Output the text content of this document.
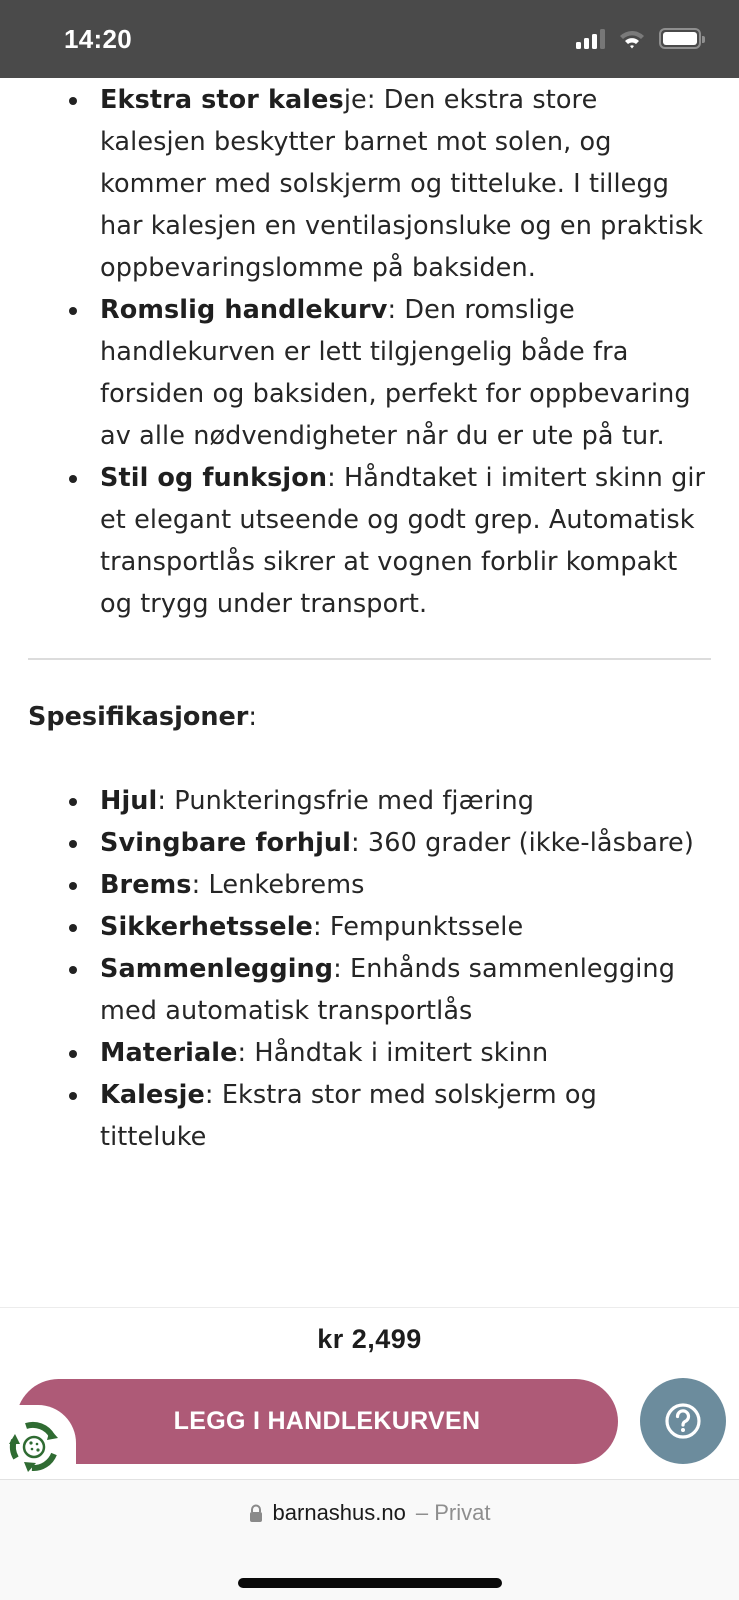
14:20
Ekstra stor kalesje: Den ekstra store kalesjen beskytter barnet mot solen, og kommer med solskjerm og titteluke. I tillegg har kalesjen en ventilasjonsluke og en praktisk oppbevaringslomme på baksiden.
Romslig handlekurv: Den romslige handlekurven er lett tilgjengelig både fra forsiden og baksiden, perfekt for oppbevaring av alle nødvendigheter når du er ute på tur.
Stil og funksjon: Håndtaket i imitert skinn gir et elegant utseende og godt grep. Automatisk transportlås sikrer at vognen forblir kompakt og trygg under transport.

Spesifikasjoner:

Hjul: Punkteringsfrie med fjæring
Svingbare forhjul: 360 grader (ikke-låsbare)
Brems: Lenkebrems
Sikkerhetssele: Fempunktssele
Sammenlegging: Enhånds sammenlegging med automatisk transportlås
Materiale: Håndtak i imitert skinn
Kalesje: Ekstra stor med solskjerm og titteluke
kr 2,499
LEGG I HANDLEKURVEN
barnashus.no – Privat
